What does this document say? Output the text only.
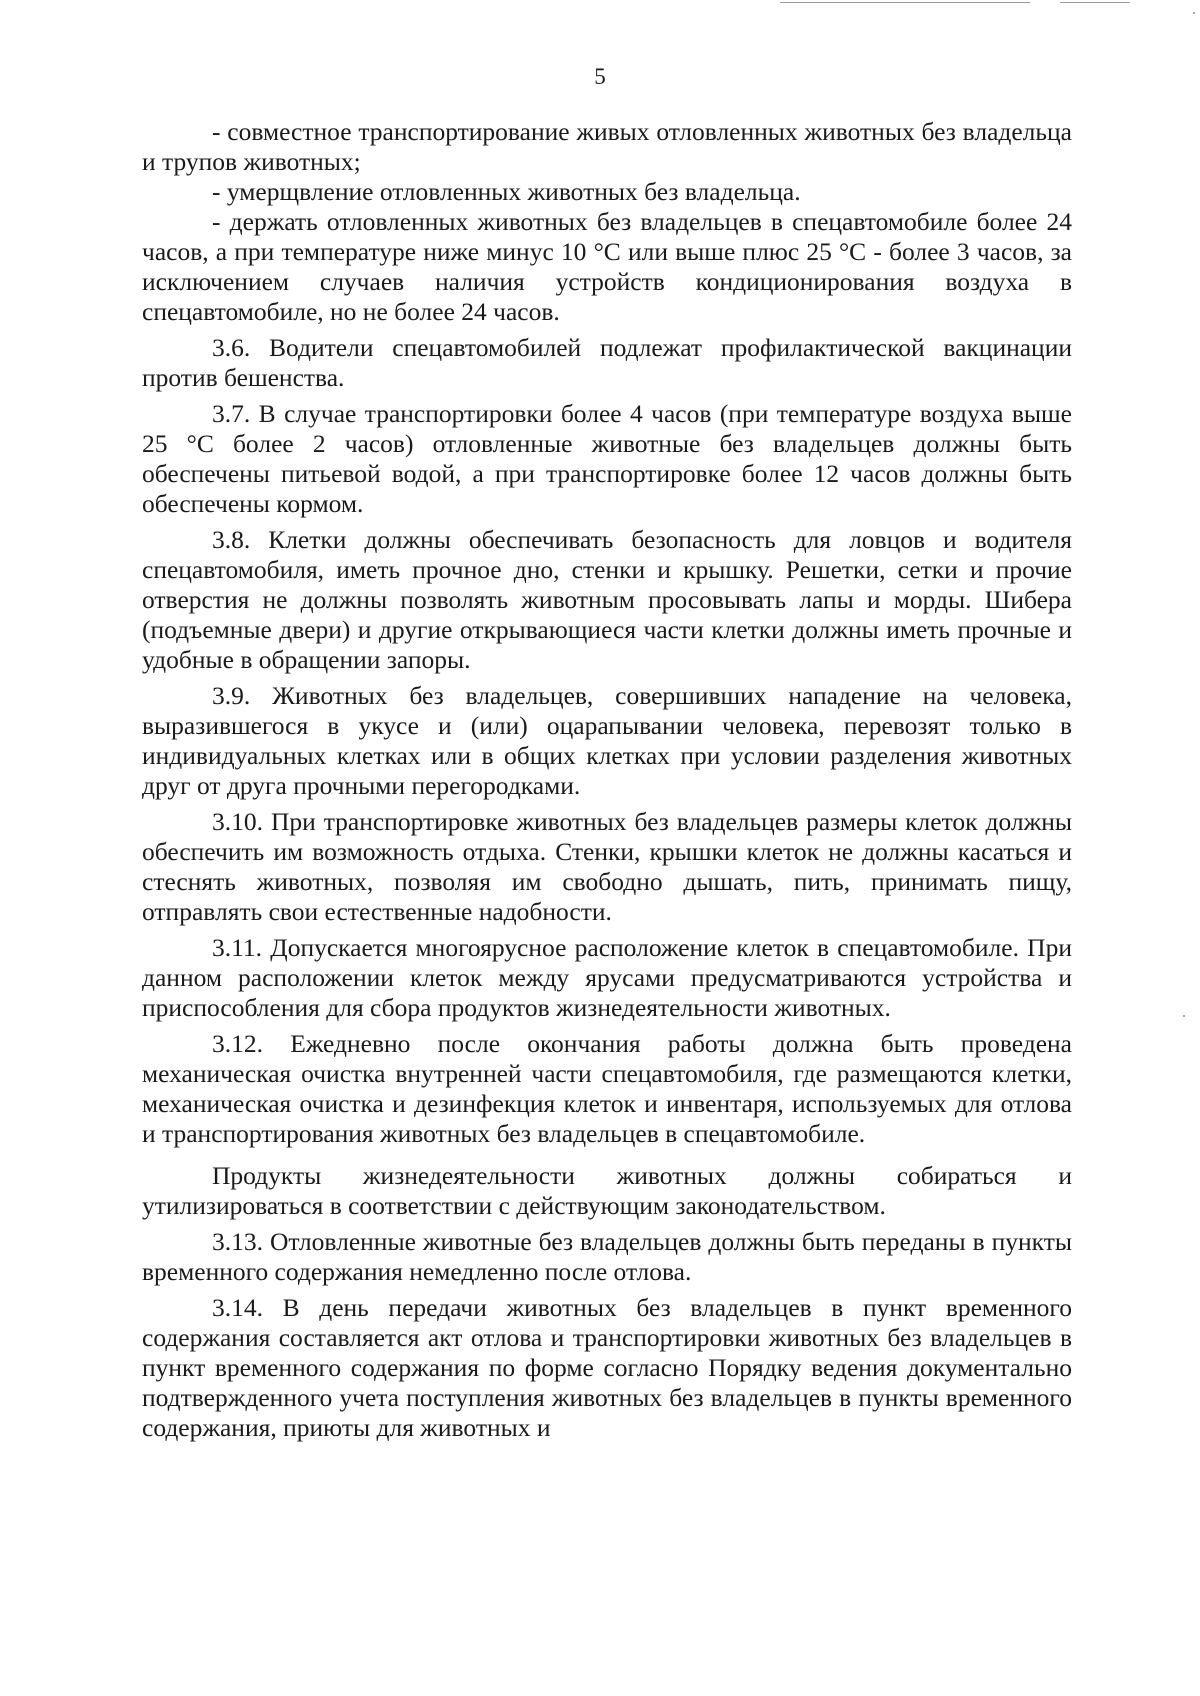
5

- совместное транспортирование живых отловленных животных без владельца и трупов животных;

- умерщвление отловленных животных без владельца.

- держать отловленных животных без владельцев в спецавтомобиле более 24 часов, а при температуре ниже минус 10 °С или выше плюс 25 °С - более 3 часов, за исключением случаев наличия устройств кондиционирования воздуха в спецавтомобиле, но не более 24 часов.

3.6. Водители спецавтомобилей подлежат профилактической вакцинации против бешенства.

3.7. В случае транспортировки более 4 часов (при температуре воздуха выше 25 °С более 2 часов) отловленные животные без владельцев должны быть обеспечены питьевой водой, а при транспортировке более 12 часов должны быть обеспечены кормом.

3.8. Клетки должны обеспечивать безопасность для ловцов и водителя спецавтомобиля, иметь прочное дно, стенки и крышку. Решетки, сетки и прочие отверстия не должны позволять животным просовывать лапы и морды. Шибера (подъемные двери) и другие открывающиеся части клетки должны иметь прочные и удобные в обращении запоры.

3.9. Животных без владельцев, совершивших нападение на человека, выразившегося в укусе и (или) оцарапывании человека, перевозят только в индивидуальных клетках или в общих клетках при условии разделения животных друг от друга прочными перегородками.

3.10. При транспортировке животных без владельцев размеры клеток должны обеспечить им возможность отдыха. Стенки, крышки клеток не должны касаться и стеснять животных, позволяя им свободно дышать, пить, принимать пищу, отправлять свои естественные надобности.

3.11. Допускается многоярусное расположение клеток в спецавтомобиле. При данном расположении клеток между ярусами предусматриваются устройства и приспособления для сбора продуктов жизнедеятельности животных.

3.12. Ежедневно после окончания работы должна быть проведена механическая очистка внутренней части спецавтомобиля, где размещаются клетки, механическая очистка и дезинфекция клеток и инвентаря, используемых для отлова и транспортирования животных без владельцев в спецавтомобиле.

Продукты жизнедеятельности животных должны собираться и утилизироваться в соответствии с действующим законодательством.

3.13. Отловленные животные без владельцев должны быть переданы в пункты временного содержания немедленно после отлова.

3.14. В день передачи животных без владельцев в пункт временного содержания составляется акт отлова и транспортировки животных без владельцев в пункт временного содержания по форме согласно Порядку ведения документально подтвержденного учета поступления животных без владельцев в пункты временного содержания, приюты для животных и
